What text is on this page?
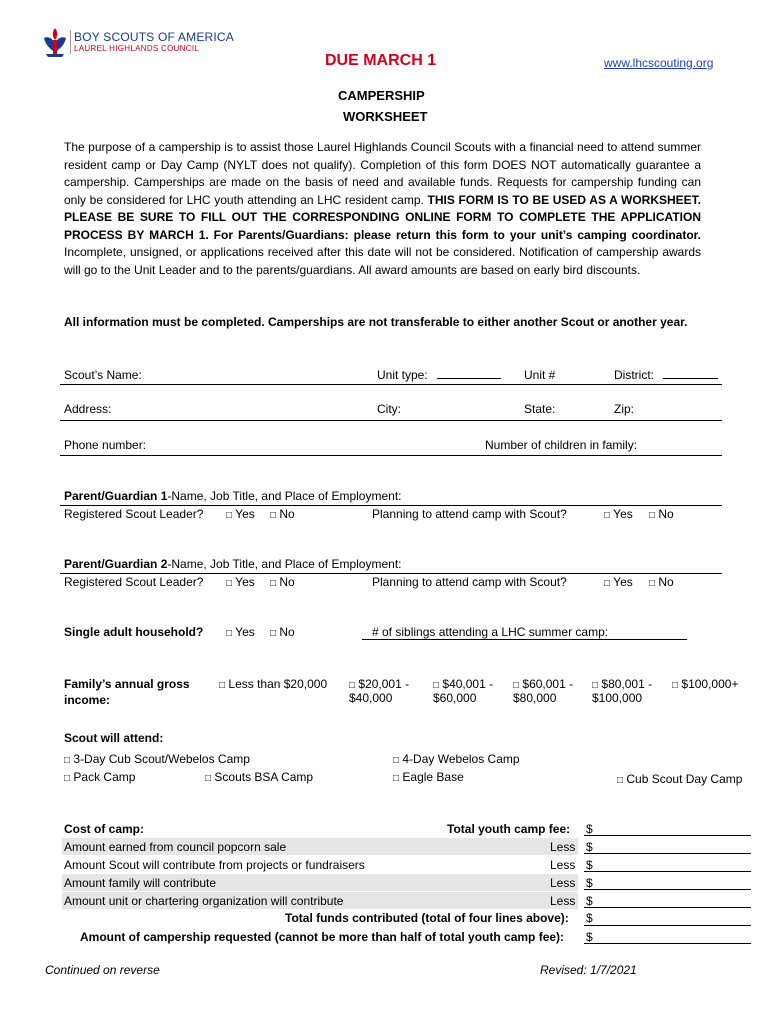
BOY SCOUTS OF AMERICA
LAUREL HIGHLANDS COUNCIL
DUE MARCH 1	www.lhcscouting.org
CAMPERSHIP
WORKSHEET
The purpose of a campership is to assist those Laurel Highlands Council Scouts with a financial need to attend summer resident camp or Day Camp (NYLT does not qualify). Completion of this form DOES NOT automatically guarantee a campership. Camperships are made on the basis of need and available funds. Requests for campership funding can only be considered for LHC youth attending an LHC resident camp. THIS FORM IS TO BE USED AS A WORKSHEET. PLEASE BE SURE TO FILL OUT THE CORRESPONDING ONLINE FORM TO COMPLETE THE APPLICATION PROCESS BY MARCH 1. For Parents/Guardians: please return this form to your unit’s camping coordinator. Incomplete, unsigned, or applications received after this date will not be considered. Notification of campership awards will go to the Unit Leader and to the parents/guardians. All award amounts are based on early bird discounts.
All information must be completed. Camperships are not transferable to either another Scout or another year.
Scout’s Name:	Unit type:	Unit #	District:
Address:	City:	State:	Zip:
Phone number:	Number of children in family:
Parent/Guardian 1-Name, Job Title, and Place of Employment:
Registered Scout Leader? □ Yes □ No	Planning to attend camp with Scout?	□ Yes □ No
Parent/Guardian 2-Name, Job Title, and Place of Employment:
Registered Scout Leader? □ Yes □ No	Planning to attend camp with Scout?	□ Yes □ No
Single adult household? □ Yes □ No	# of siblings attending a LHC summer camp:
Family’s annual gross
income:
□ Less than $20,000 □ $20,001 -
$40,000
□ $40,001 -
$60,000
□ $60,001 -
$80,000
□ $80,001 -
$100,000
□ $100,000+
Scout will attend:
□ 3-Day Cub Scout/Webelos Camp	□ 4-Day Webelos Camp
□ Pack Camp	□ Scouts BSA Camp	□ Eagle Base	□ Cub Scout Day Camp
Cost of camp:	Total youth camp fee: $
Amount earned from council popcorn sale	Less $
Amount Scout will contribute from projects or fundraisers	Less $
Amount family will contribute	Less $
Amount unit or chartering organization will contribute	Less $
Total funds contributed (total of four lines above): $
Amount of campership requested (cannot be more than half of total youth camp fee): $
Continued on reverse	Revised: 1/7/2021
